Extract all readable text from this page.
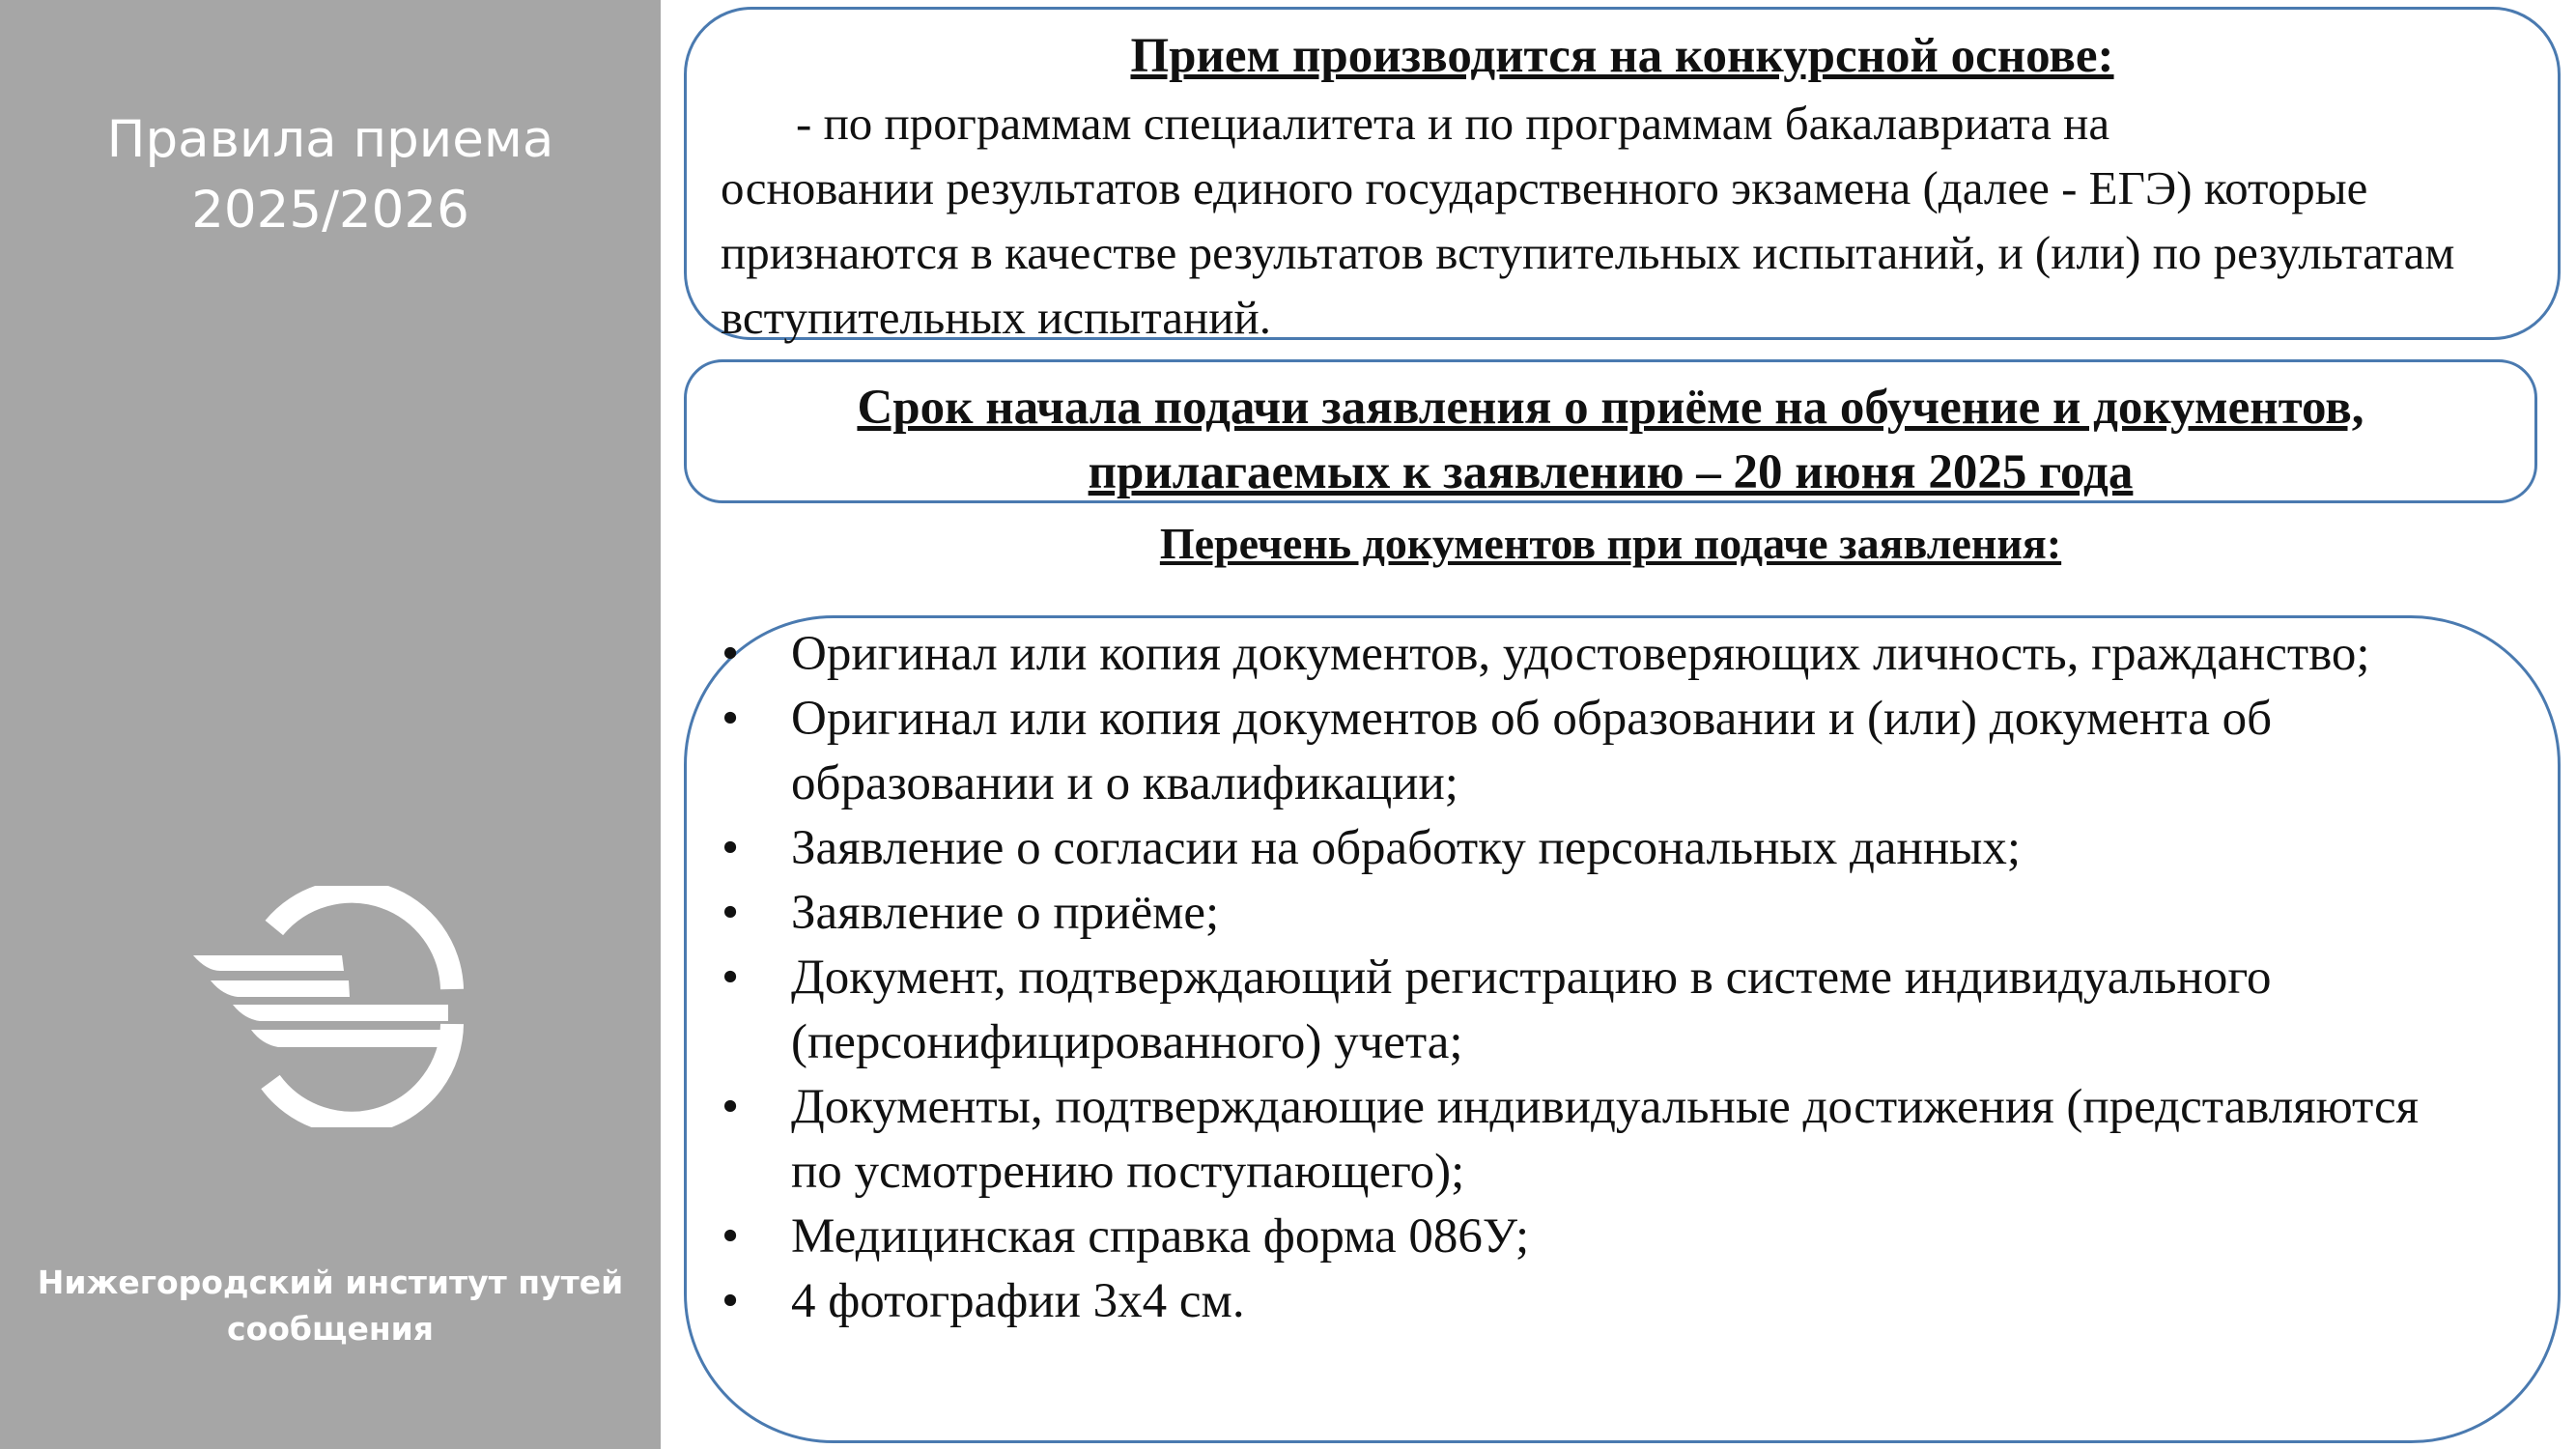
Правила приема
2025/2026
Нижегородский институт путей
сообщения
Прием производится на конкурсной основе:
- по программам специалитета и по программам бакалавриата на
основании результатов единого государственного экзамена (далее - ЕГЭ) которые признаются в качестве результатов вступительных испытаний, и (или) по результатам вступительных испытаний.
Срок начала подачи заявления о приёме на обучение и документов,
прилагаемых к заявлению – 20 июня 2025 года
Перечень документов при подаче заявления:
• Оригинал или копия документов, удостоверяющих личность, гражданство;
• Оригинал или копия документов об образовании и (или) документа об образовании и о квалификации;
• Заявление о согласии на обработку персональных данных;
• Заявление о приёме;
• Документ, подтверждающий регистрацию в системе индивидуального (персонифицированного) учета;
• Документы, подтверждающие индивидуальные достижения (представляются по усмотрению поступающего);
• Медицинская справка форма 086У;
• 4 фотографии 3х4 см.
